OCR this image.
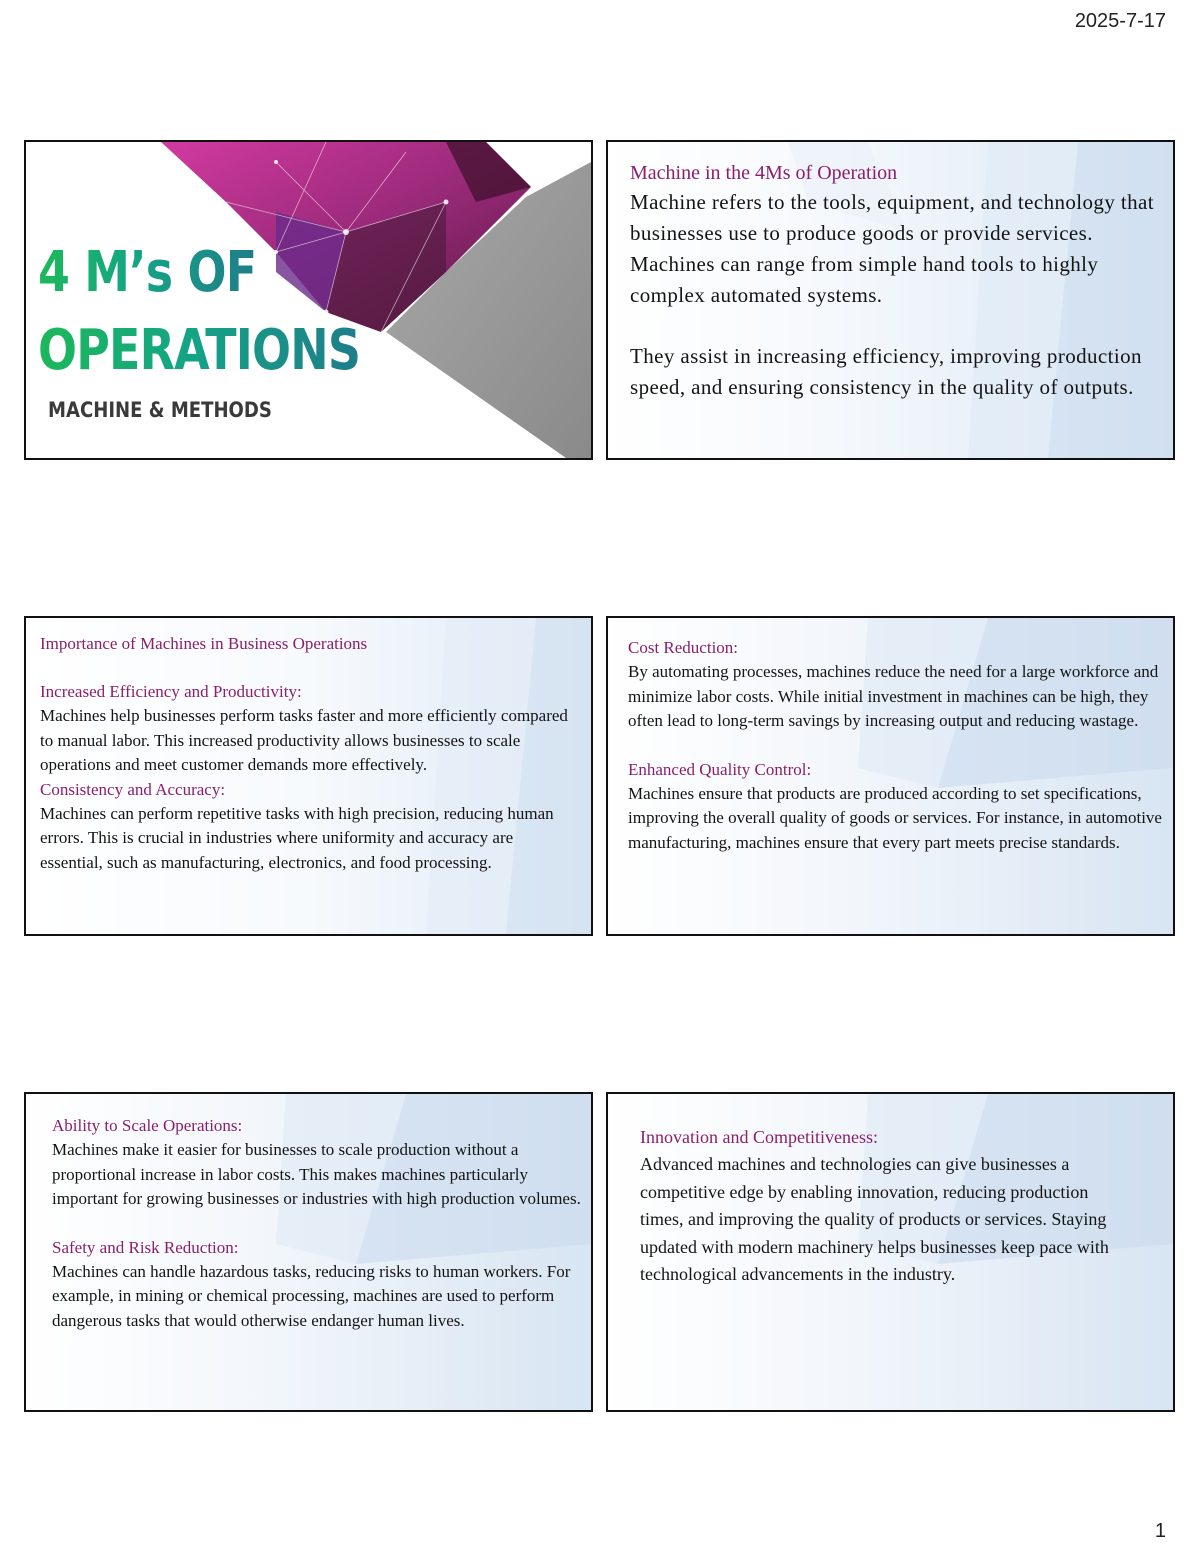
2025-7-17
4 M’s OF
OPERATIONS
MACHINE & METHODS
Machine in the 4Ms of Operation
Machine refers to the tools, equipment, and technology that businesses use to produce goods or provide services. Machines can range from simple hand tools to highly complex automated systems.
They assist in increasing efficiency, improving production speed, and ensuring consistency in the quality of outputs.
Importance of Machines in Business Operations
Increased Efficiency and Productivity:
Machines help businesses perform tasks faster and more efficiently compared to manual labor. This increased productivity allows businesses to scale operations and meet customer demands more effectively.
Consistency and Accuracy:
Machines can perform repetitive tasks with high precision, reducing human errors. This is crucial in industries where uniformity and accuracy are essential, such as manufacturing, electronics, and food processing.
Cost Reduction:
By automating processes, machines reduce the need for a large workforce and minimize labor costs. While initial investment in machines can be high, they often lead to long-term savings by increasing output and reducing wastage.
Enhanced Quality Control:
Machines ensure that products are produced according to set specifications, improving the overall quality of goods or services. For instance, in automotive manufacturing, machines ensure that every part meets precise standards.
Ability to Scale Operations:
Machines make it easier for businesses to scale production without a proportional increase in labor costs. This makes machines particularly important for growing businesses or industries with high production volumes.
Safety and Risk Reduction:
Machines can handle hazardous tasks, reducing risks to human workers. For example, in mining or chemical processing, machines are used to perform dangerous tasks that would otherwise endanger human lives.
Innovation and Competitiveness:
Advanced machines and technologies can give businesses a competitive edge by enabling innovation, reducing production times, and improving the quality of products or services. Staying updated with modern machinery helps businesses keep pace with technological advancements in the industry.
1
